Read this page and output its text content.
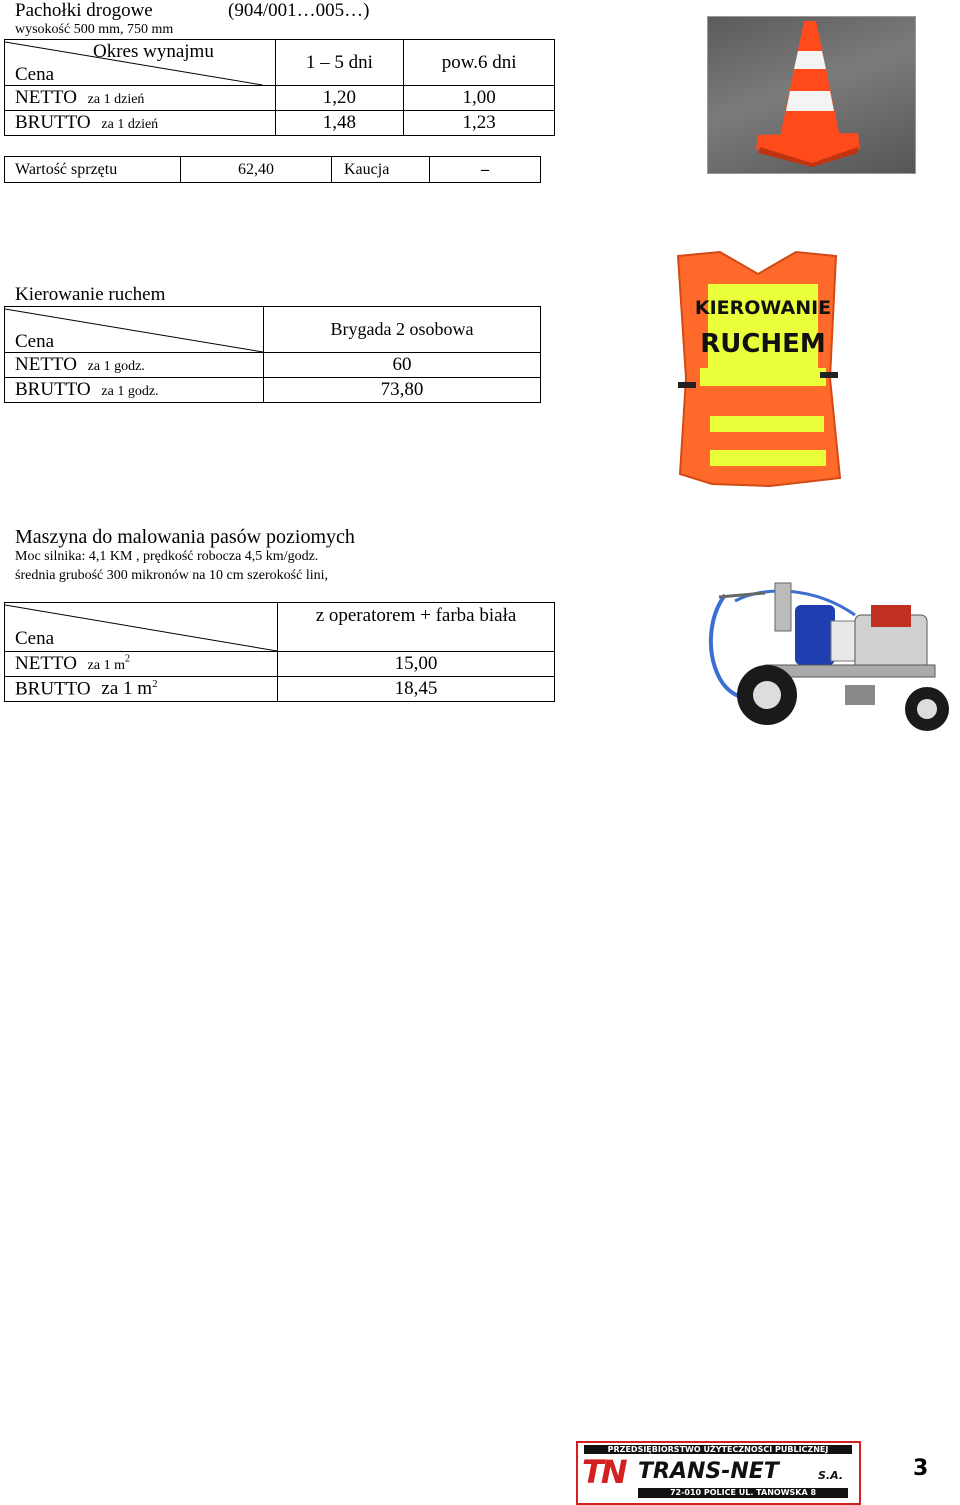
Pachołki drogowe	(904/001…005…)
wysokość 500 mm, 750 mm
Okres wynajmu
Cena	1 – 5 dni	pow.6 dni
NETTO za 1 dzień	1,20	1,00
BRUTTO za 1 dzień	1,48	1,23
Wartość sprzętu	62,40	Kaucja	–
Kierowanie ruchem
Cena	Brygada 2 osobowa
NETTO za 1 godz.	60
BRUTTO za 1 godz.	73,80
KIEROWANIE
RUCHEM
Maszyna do malowania pasów poziomych
Moc silnika: 4,1 KM , prędkość robocza 4,5 km/godz.
średnia grubość 300 mikronów na 10 cm szerokość lini,
Cena	z operatorem + farba biała
NETTO za 1 $m^2$	15,00
BRUTTO za 1 $m^2$	18,45
PRZEDSIĘBIORSTWO UŻYTECZNOŚCI PUBLICZNEJ
TN TRANS-NET	S.A.
72-010 POLICE UL. TANOWSKA 8
3
